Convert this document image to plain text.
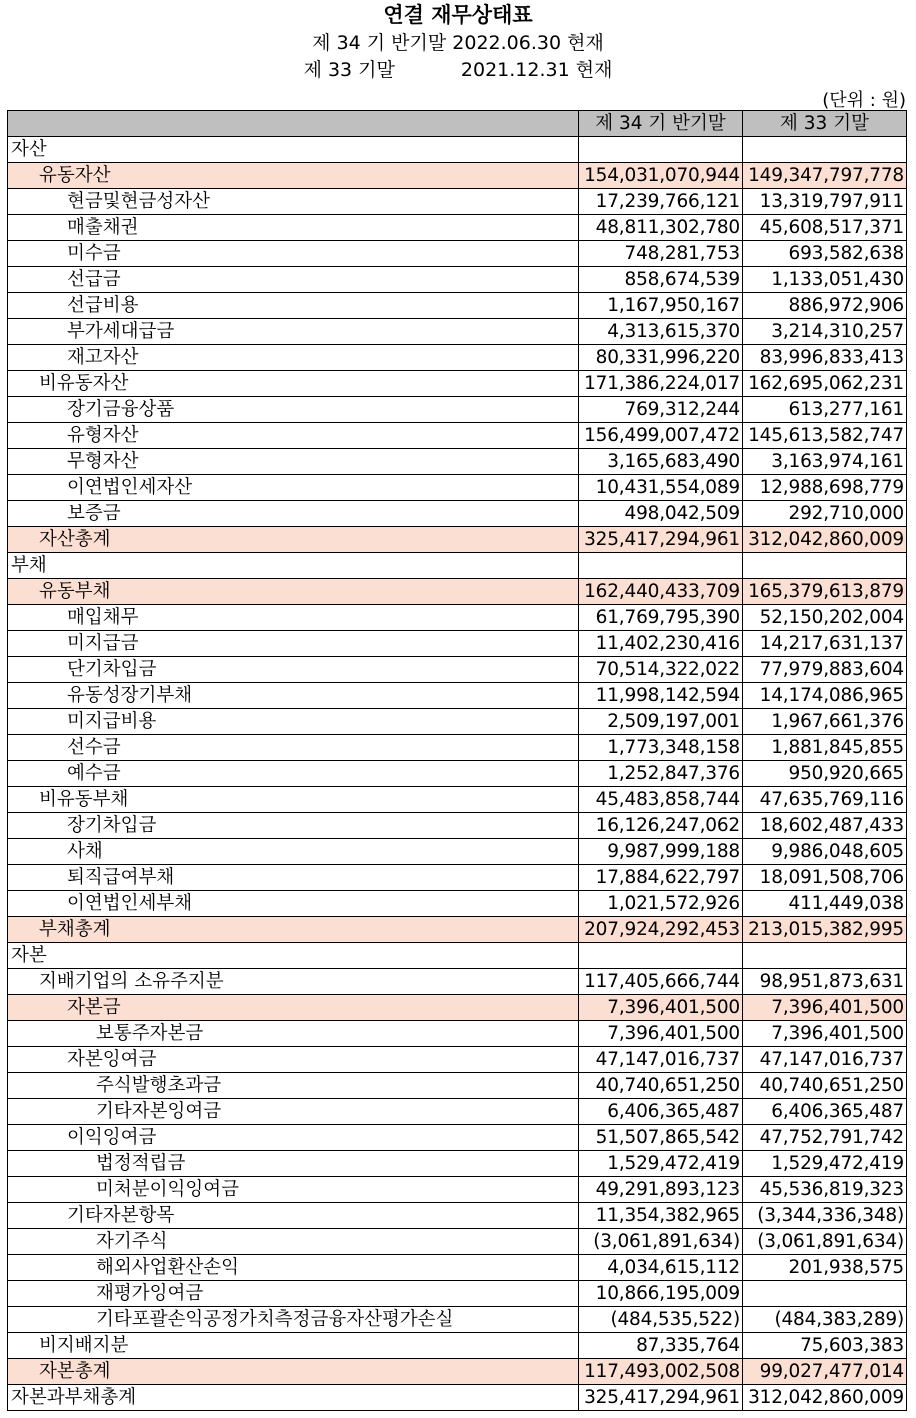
연결 재무상태표
제 34 기 반기말 2022.06.30 현재
제 33 기말	2021.12.31 현재
(단위 : 원)
	제 34 기 반기말	제 33 기말
자산		
유동자산	154,031,070,944	149,347,797,778
현금및현금성자산	17,239,766,121	13,319,797,911
매출채권	48,811,302,780	45,608,517,371
미수금	748,281,753	693,582,638
선급금	858,674,539	1,133,051,430
선급비용	1,167,950,167	886,972,906
부가세대급금	4,313,615,370	3,214,310,257
재고자산	80,331,996,220	83,996,833,413
비유동자산	171,386,224,017	162,695,062,231
장기금융상품	769,312,244	613,277,161
유형자산	156,499,007,472	145,613,582,747
무형자산	3,165,683,490	3,163,974,161
이연법인세자산	10,431,554,089	12,988,698,779
보증금	498,042,509	292,710,000
자산총계	325,417,294,961	312,042,860,009
부채		
유동부채	162,440,433,709	165,379,613,879
매입채무	61,769,795,390	52,150,202,004
미지급금	11,402,230,416	14,217,631,137
단기차입금	70,514,322,022	77,979,883,604
유동성장기부채	11,998,142,594	14,174,086,965
미지급비용	2,509,197,001	1,967,661,376
선수금	1,773,348,158	1,881,845,855
예수금	1,252,847,376	950,920,665
비유동부채	45,483,858,744	47,635,769,116
장기차입금	16,126,247,062	18,602,487,433
사채	9,987,999,188	9,986,048,605
퇴직급여부채	17,884,622,797	18,091,508,706
이연법인세부채	1,021,572,926	411,449,038
부채총계	207,924,292,453	213,015,382,995
자본		
지배기업의 소유주지분	117,405,666,744	98,951,873,631
자본금	7,396,401,500	7,396,401,500
보통주자본금	7,396,401,500	7,396,401,500
자본잉여금	47,147,016,737	47,147,016,737
주식발행초과금	40,740,651,250	40,740,651,250
기타자본잉여금	6,406,365,487	6,406,365,487
이익잉여금	51,507,865,542	47,752,791,742
법정적립금	1,529,472,419	1,529,472,419
미처분이익잉여금	49,291,893,123	45,536,819,323
기타자본항목	11,354,382,965	(3,344,336,348)
자기주식	(3,061,891,634)	(3,061,891,634)
해외사업환산손익	4,034,615,112	201,938,575
재평가잉여금	10,866,195,009	
기타포괄손익공정가치측정금융자산평가손실	(484,535,522)	(484,383,289)
비지배지분	87,335,764	75,603,383
자본총계	117,493,002,508	99,027,477,014
자본과부채총계	325,417,294,961	312,042,860,009
